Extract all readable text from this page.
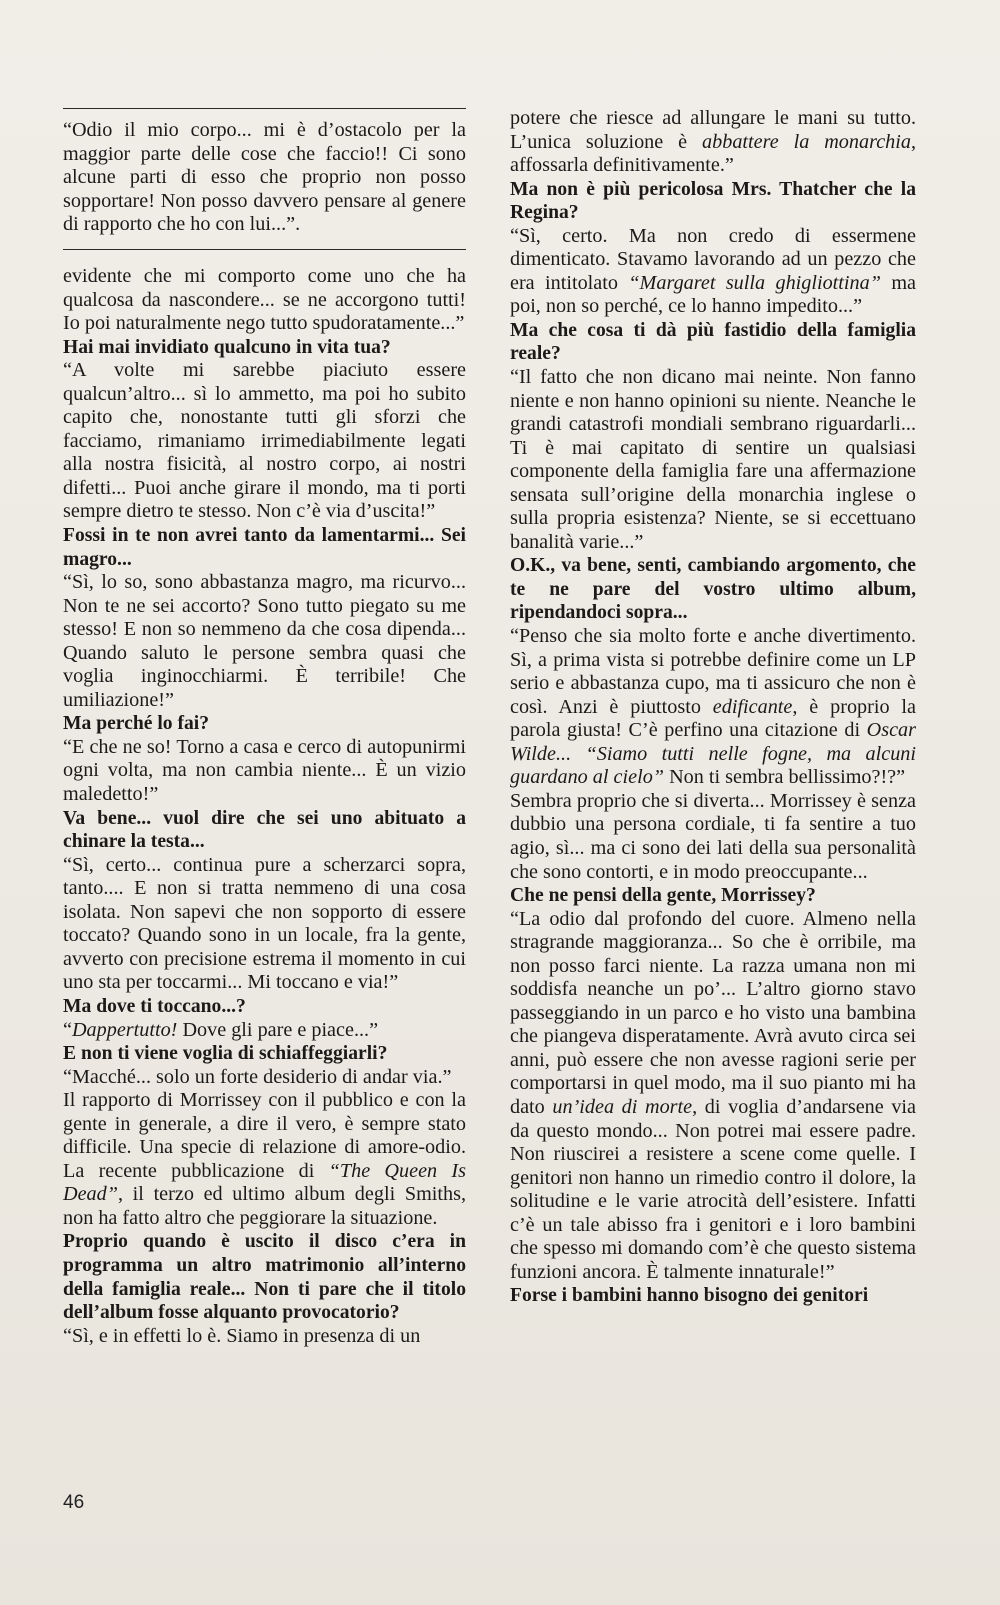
“Odio il mio corpo... mi è d’ostacolo per la maggior parte delle cose che faccio!! Ci sono alcune parti di esso che proprio non posso sopportare! Non posso davvero pensare al genere di rapporto che ho con lui...”.

evidente che mi comporto come uno che ha qualcosa da nascondere... se ne accorgono tutti! Io poi naturalmente nego tutto spudoratamente...”

Hai mai invidiato qualcuno in vita tua?

“A volte mi sarebbe piaciuto essere qualcun’altro... sì lo ammetto, ma poi ho subito capito che, nonostante tutti gli sforzi che facciamo, rimaniamo irrimediabilmente legati alla nostra fisicità, al nostro corpo, ai nostri difetti... Puoi anche girare il mondo, ma ti porti sempre dietro te stesso. Non c’è via d’uscita!”

Fossi in te non avrei tanto da lamentarmi... Sei magro...

“Sì, lo so, sono abbastanza magro, ma ricurvo... Non te ne sei accorto? Sono tutto piegato su me stesso! E non so nemmeno da che cosa dipenda... Quando saluto le persone sembra quasi che voglia inginocchiarmi. È terribile! Che umiliazione!”

Ma perché lo fai?

“E che ne so! Torno a casa e cerco di autopunirmi ogni volta, ma non cambia niente... È un vizio maledetto!”

Va bene... vuol dire che sei uno abituato a chinare la testa...

“Sì, certo... continua pure a scherzarci sopra, tanto.... E non si tratta nemmeno di una cosa isolata. Non sapevi che non sopporto di essere toccato? Quando sono in un locale, fra la gente, avverto con precisione estrema il momento in cui uno sta per toccarmi... Mi toccano e via!”

Ma dove ti toccano...?

“Dappertutto! Dove gli pare e piace...”

E non ti viene voglia di schiaffeggiarli?

“Macché... solo un forte desiderio di andar via.”

Il rapporto di Morrissey con il pubblico e con la gente in generale, a dire il vero, è sempre stato difficile. Una specie di relazione di amore-odio. La recente pubblicazione di “The Queen Is Dead”, il terzo ed ultimo album degli Smiths, non ha fatto altro che peggiorare la situazione.

Proprio quando è uscito il disco c’era in programma un altro matrimonio all’interno della famiglia reale... Non ti pare che il titolo dell’album fosse alquanto provocatorio?

“Sì, e in effetti lo è. Siamo in presenza di un

potere che riesce ad allungare le mani su tutto. L’unica soluzione è abbattere la monarchia, affossarla definitivamente.”

Ma non è più pericolosa Mrs. Thatcher che la Regina?

“Sì, certo. Ma non credo di essermene dimenticato. Stavamo lavorando ad un pezzo che era intitolato “Margaret sulla ghigliottina” ma poi, non so perché, ce lo hanno impedito...”

Ma che cosa ti dà più fastidio della famiglia reale?

“Il fatto che non dicano mai neinte. Non fanno niente e non hanno opinioni su niente. Neanche le grandi catastrofi mondiali sembrano riguardarli... Ti è mai capitato di sentire un qualsiasi componente della famiglia fare una affermazione sensata sull’origine della monarchia inglese o sulla propria esistenza? Niente, se si eccettuano banalità varie...”

O.K., va bene, senti, cambiando argomento, che te ne pare del vostro ultimo album, ripendandoci sopra...

“Penso che sia molto forte e anche divertimento. Sì, a prima vista si potrebbe definire come un LP serio e abbastanza cupo, ma ti assicuro che non è così. Anzi è piuttosto edificante, è proprio la parola giusta! C’è perfino una citazione di Oscar Wilde... “Siamo tutti nelle fogne, ma alcuni guardano al cielo” Non ti sembra bellissimo?!?”

Sembra proprio che si diverta... Morrissey è senza dubbio una persona cordiale, ti fa sentire a tuo agio, sì... ma ci sono dei lati della sua personalità che sono contorti, e in modo preoccupante...

Che ne pensi della gente, Morrissey?

“La odio dal profondo del cuore. Almeno nella stragrande maggioranza... So che è orribile, ma non posso farci niente. La razza umana non mi soddisfa neanche un po’... L’altro giorno stavo passeggiando in un parco e ho visto una bambina che piangeva disperatamente. Avrà avuto circa sei anni, può essere che non avesse ragioni serie per comportarsi in quel modo, ma il suo pianto mi ha dato un’idea di morte, di voglia d’andarsene via da questo mondo... Non potrei mai essere padre. Non riuscirei a resistere a scene come quelle. I genitori non hanno un rimedio contro il dolore, la solitudine e le varie atrocità dell’esistere. Infatti c’è un tale abisso fra i genitori e i loro bambini che spesso mi domando com’è che questo sistema funzioni ancora. È talmente innaturale!”

Forse i bambini hanno bisogno dei genitori

46
